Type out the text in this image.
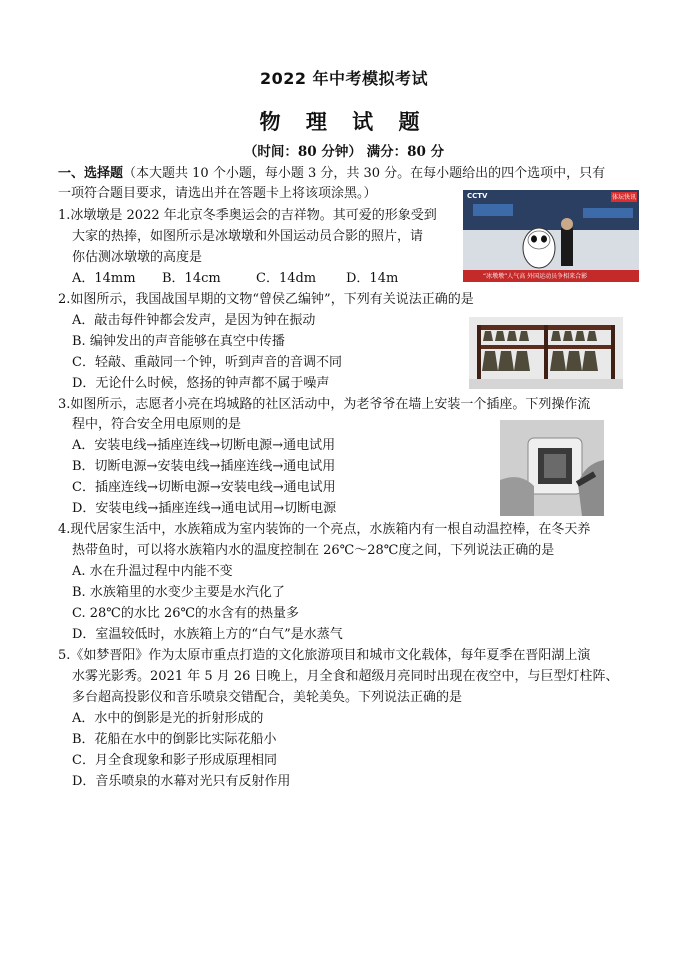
2022 年中考模拟考试
物 理 试 题
（时间：80 分钟） 满分：80 分
一、选择题（本大题共 10 个小题，每小题 3 分，共 30 分。在每小题给出的四个选项中，只有
一项符合题目要求，请选出并在答题卡上将该项涂黑。）
1.冰墩墩是 2022 年北京冬季奥运会的吉祥物。其可爱的形象受到
大家的热捧，如图所示是冰墩墩和外国运动员合影的照片，请
你估测冰墩墩的高度是
A．14mm B．14cm	C．14dm D．14m
CCTV	体坛快讯
“冰墩墩”人气高 外国运动员争相来合影
2.如图所示，我国战国早期的文物“曾侯乙编钟”，下列有关说法正确的是
A．敲击每件钟都会发声，是因为钟在振动
B. 编钟发出的声音能够在真空中传播
C．轻敲、重敲同一个钟，听到声音的音调不同
D．无论什么时候，悠扬的钟声都不属于噪声
3.如图所示，志愿者小亮在坞城路的社区活动中，为老爷爷在墙上安装一个插座。下列操作流
程中，符合安全用电原则的是
A．安装电线→插座连线→切断电源→通电试用
B．切断电源→安装电线→插座连线→通电试用
C．插座连线→切断电源→安装电线→通电试用
D．安装电线→插座连线→通电试用→切断电源
4.现代居家生活中，水族箱成为室内装饰的一个亮点，水族箱内有一根自动温控棒，在冬天养
热带鱼时，可以将水族箱内水的温度控制在 26℃～28℃度之间，下列说法正确的是
A. 水在升温过程中内能不变
B. 水族箱里的水变少主要是水汽化了
C. 28℃的水比 26℃的水含有的热量多
D．室温较低时，水族箱上方的“白气”是水蒸气
5.《如梦晋阳》作为太原市重点打造的文化旅游项目和城市文化载体，每年夏季在晋阳湖上演
水雾光影秀。2021 年 5 月 26 日晚上，月全食和超级月亮同时出现在夜空中，与巨型灯柱阵、
多台超高投影仪和音乐喷泉交错配合，美轮美奂。下列说法正确的是
A．水中的倒影是光的折射形成的
B．花船在水中的倒影比实际花船小
C．月全食现象和影子形成原理相同
D．音乐喷泉的水幕对光只有反射作用
